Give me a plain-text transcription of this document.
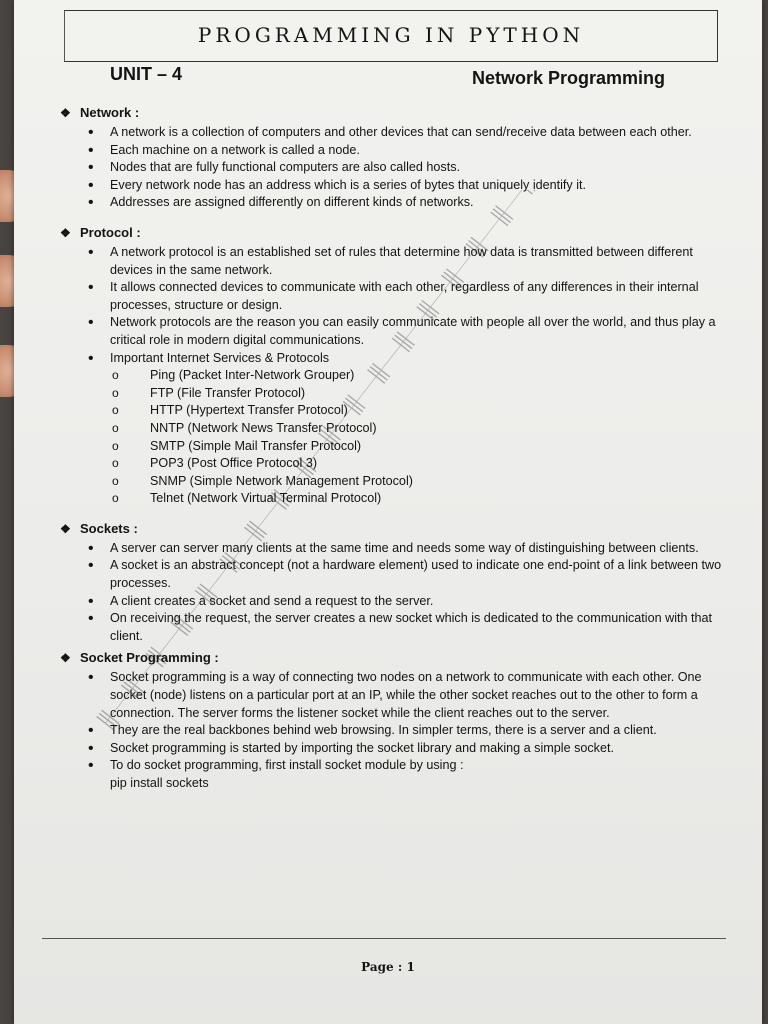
PROGRAMMING IN PYTHON
UNIT – 4	Network Programming
❖ Network :
• A network is a collection of computers and other devices that can send/receive data between each other.
• Each machine on a network is called a node.
• Nodes that are fully functional computers are also called hosts.
• Every network node has an address which is a series of bytes that uniquely identify it.
• Addresses are assigned differently on different kinds of networks.
❖ Protocol :
• A network protocol is an established set of rules that determine how data is transmitted between different devices in the same network.
• It allows connected devices to communicate with each other, regardless of any differences in their internal processes, structure or design.
• Network protocols are the reason you can easily communicate with people all over the world, and thus play a critical role in modern digital communications.
• Important Internet Services & Protocols
o Ping (Packet Inter-Network Grouper)
o FTP (File Transfer Protocol)
o HTTP (Hypertext Transfer Protocol)
o NNTP (Network News Transfer Protocol)
o SMTP (Simple Mail Transfer Protocol)
o POP3 (Post Office Protocol 3)
o SNMP (Simple Network Management Protocol)
o Telnet (Network Virtual Terminal Protocol)
❖ Sockets :
• A server can server many clients at the same time and needs some way of distinguishing between clients.
• A socket is an abstract concept (not a hardware element) used to indicate one end-point of a link between two processes.
• A client creates a socket and send a request to the server.
• On receiving the request, the server creates a new socket which is dedicated to the communication with that client.
❖ Socket Programming :
• Socket programming is a way of connecting two nodes on a network to communicate with each other. One socket (node) listens on a particular port at an IP, while the other socket reaches out to the other to form a connection. The server forms the listener socket while the client reaches out to the server.
• They are the real backbones behind web browsing. In simpler terms, there is a server and a client.
• Socket programming is started by importing the socket library and making a simple socket.
• To do socket programming, first install socket module by using :
pip install sockets
Page : 1
